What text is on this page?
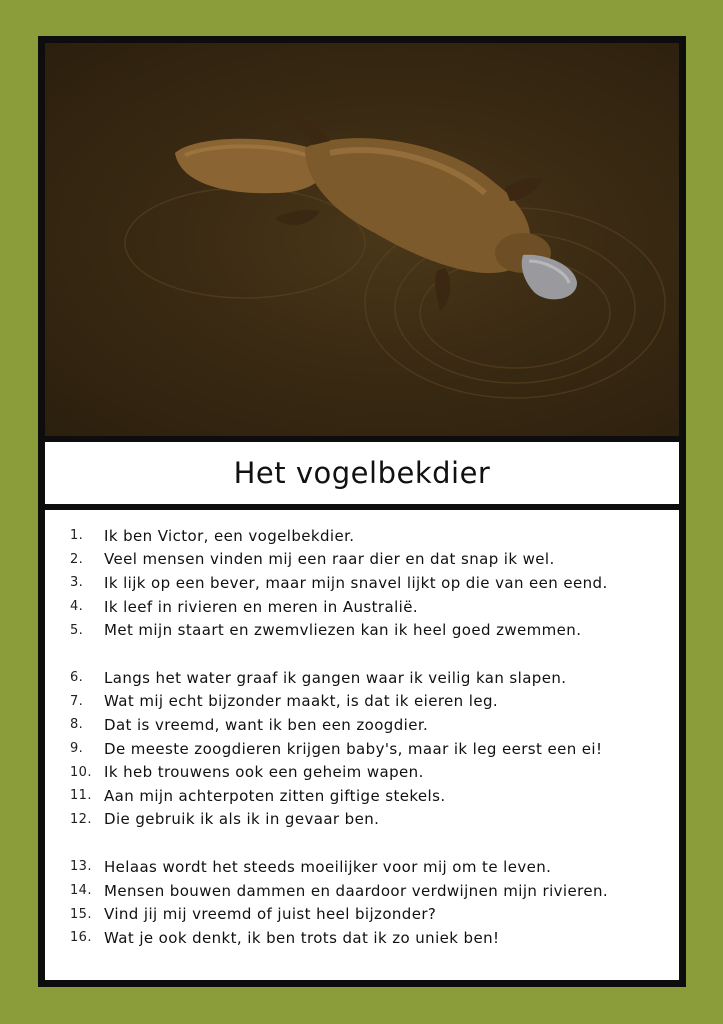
Het vogelbekdier
1.	Ik ben Victor, een vogelbekdier.
2.	Veel mensen vinden mij een raar dier en dat snap ik wel.
3.	Ik lijk op een bever, maar mijn snavel lijkt op die van een eend.
4.	Ik leef in rivieren en meren in Australië.
5.	Met mijn staart en zwemvliezen kan ik heel goed zwemmen.
6.	Langs het water graaf ik gangen waar ik veilig kan slapen.
7.	Wat mij echt bijzonder maakt, is dat ik eieren leg.
8.	Dat is vreemd, want ik ben een zoogdier.
9.	De meeste zoogdieren krijgen baby's, maar ik leg eerst een ei!
10. Ik heb trouwens ook een geheim wapen.
11. Aan mijn achterpoten zitten giftige stekels.
12. Die gebruik ik als ik in gevaar ben.
13. Helaas wordt het steeds moeilijker voor mij om te leven.
14. Mensen bouwen dammen en daardoor verdwijnen mijn rivieren.
15. Vind jij mij vreemd of juist heel bijzonder?
16. Wat je ook denkt, ik ben trots dat ik zo uniek ben!
